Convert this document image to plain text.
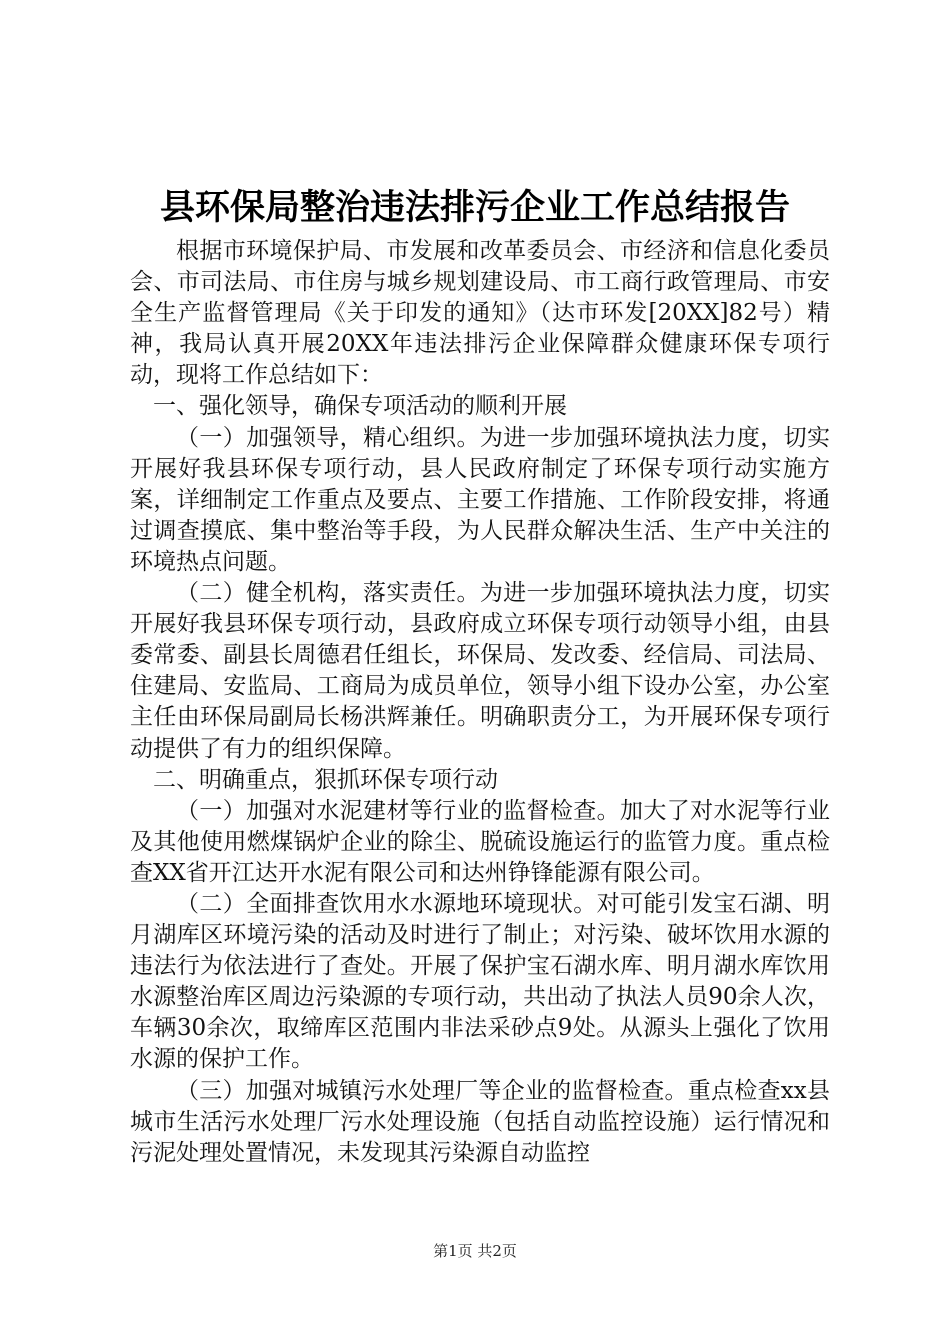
县环保局整治违法排污企业工作总结报告

根据市环境保护局、市发展和改革委员会、市经济和信息化委员会、市司法局、市住房与城乡规划建设局、市工商行政管理局、市安全生产监督管理局《关于印发的通知》（达市环发[20XX]82号）精神，我局认真开展20XX年违法排污企业保障群众健康环保专项行动，现将工作总结如下：

一、强化领导，确保专项活动的顺利开展

（一）加强领导，精心组织。为进一步加强环境执法力度，切实开展好我县环保专项行动，县人民政府制定了环保专项行动实施方案，详细制定工作重点及要点、主要工作措施、工作阶段安排，将通过调查摸底、集中整治等手段，为人民群众解决生活、生产中关注的环境热点问题。

（二）健全机构，落实责任。为进一步加强环境执法力度，切实开展好我县环保专项行动，县政府成立环保专项行动领导小组，由县委常委、副县长周德君任组长，环保局、发改委、经信局、司法局、住建局、安监局、工商局为成员单位，领导小组下设办公室，办公室主任由环保局副局长杨洪辉兼任。明确职责分工，为开展环保专项行动提供了有力的组织保障。

二、明确重点，狠抓环保专项行动

（一）加强对水泥建材等行业的监督检查。加大了对水泥等行业及其他使用燃煤锅炉企业的除尘、脱硫设施运行的监管力度。重点检查XX省开江达开水泥有限公司和达州铮锋能源有限公司。

（二）全面排查饮用水水源地环境现状。对可能引发宝石湖、明月湖库区环境污染的活动及时进行了制止；对污染、破坏饮用水源的违法行为依法进行了查处。开展了保护宝石湖水库、明月湖水库饮用水源整治库区周边污染源的专项行动，共出动了执法人员90余人次，车辆30余次，取缔库区范围内非法采砂点9处。从源头上强化了饮用水源的保护工作。

（三）加强对城镇污水处理厂等企业的监督检查。重点检查xx县城市生活污水处理厂污水处理设施（包括自动监控设施）运行情况和污泥处理处置情况，未发现其污染源自动监控

第1页 共2页
